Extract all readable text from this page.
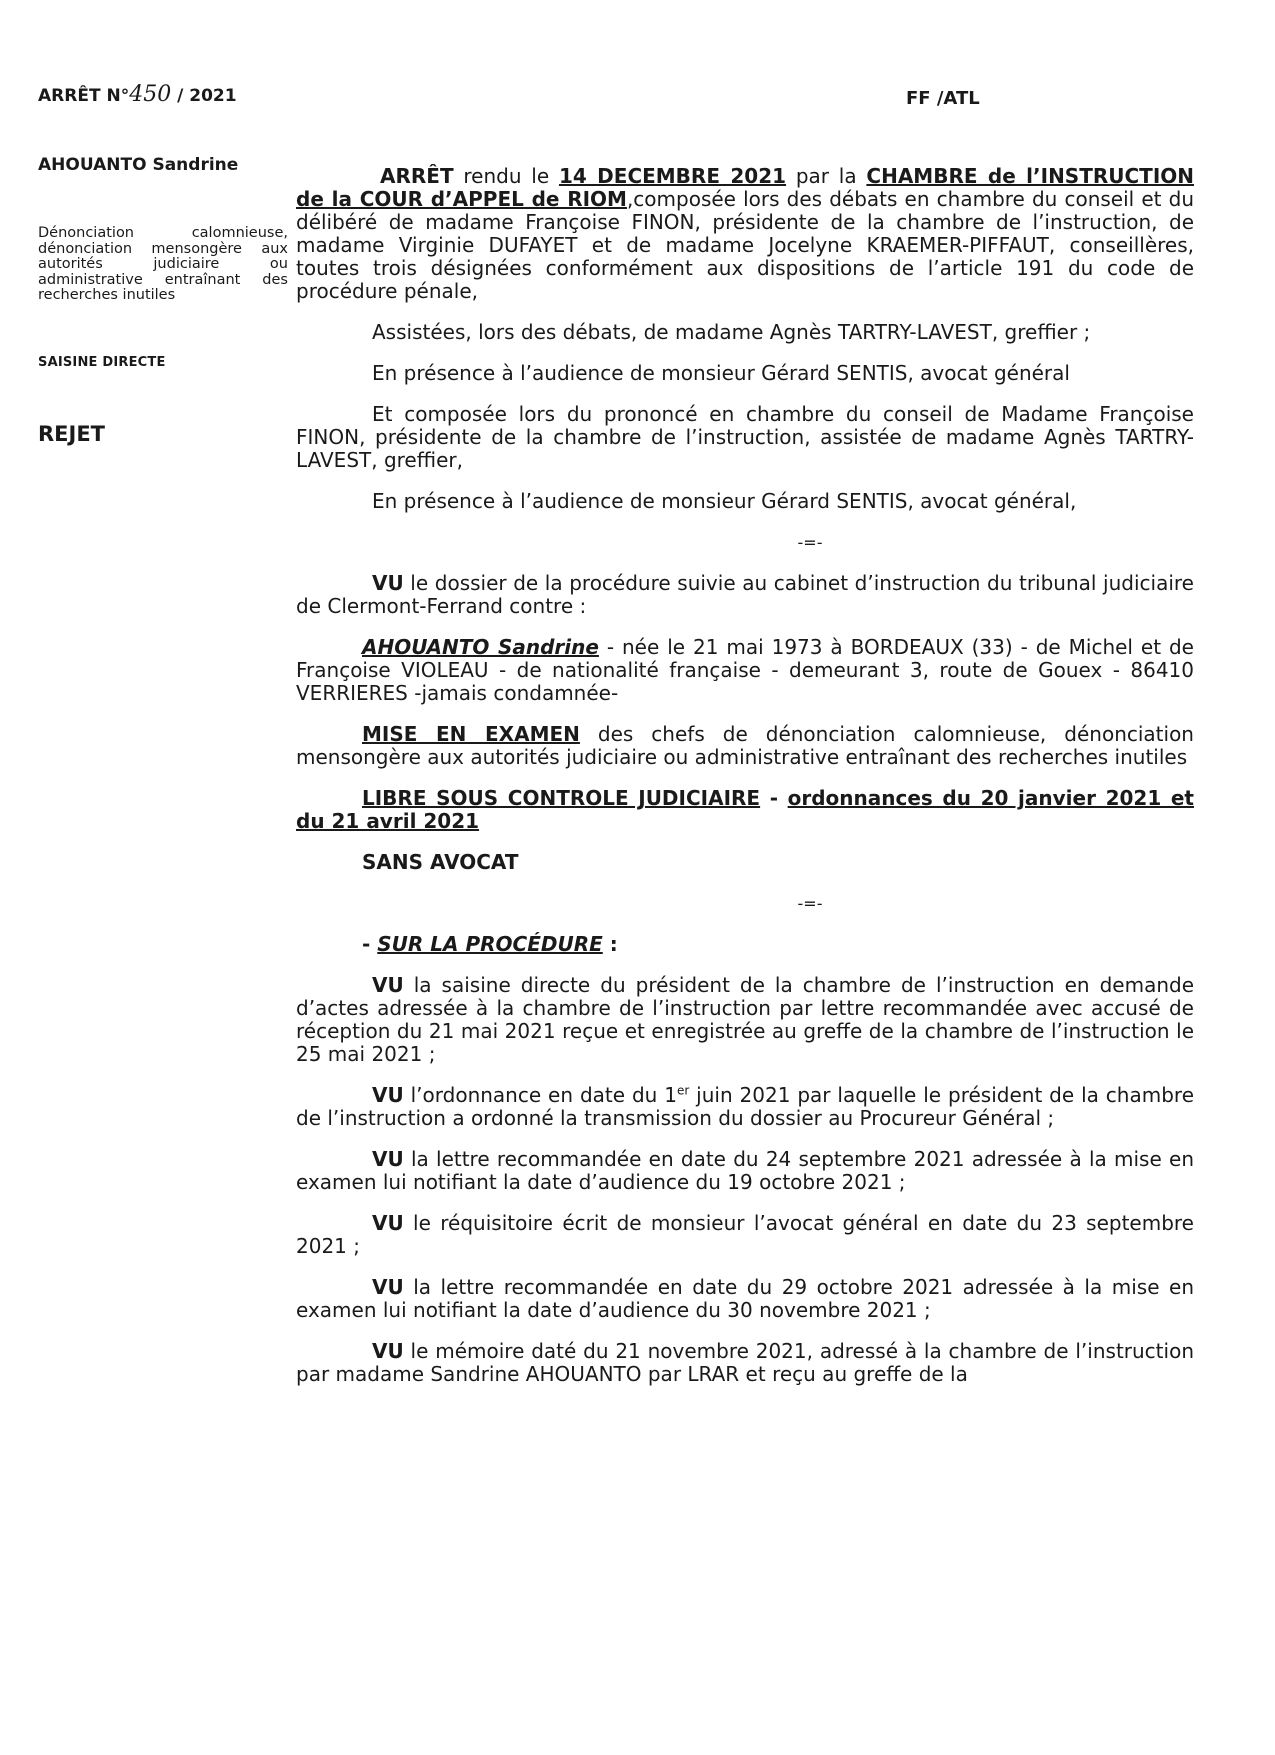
ARRÊT N°450 / 2021	FF /ATL
AHOUANTO Sandrine
Dénonciation calomnieuse, dénonciation mensongère aux autorités judiciaire ou administrative entraînant des recherches inutiles
SAISINE DIRECTE
REJET

ARRÊT rendu le 14 DECEMBRE 2021 par la CHAMBRE de l’INSTRUCTION de la COUR d’APPEL de RIOM,composée lors des débats en chambre du conseil et du délibéré de madame Françoise FINON, présidente de la chambre de l’instruction, de madame Virginie DUFAYET et de madame Jocelyne KRAEMER-PIFFAUT, conseillères, toutes trois désignées conformément aux dispositions de l’article 191 du code de procédure pénale,

Assistées, lors des débats, de madame Agnès TARTRY-LAVEST, greffier ;

En présence à l’audience de monsieur Gérard SENTIS, avocat général

Et composée lors du prononcé en chambre du conseil de Madame Françoise FINON, présidente de la chambre de l’instruction, assistée de madame Agnès TARTRY-LAVEST, greffier,

En présence à l’audience de monsieur Gérard SENTIS, avocat général,

-=-

VU le dossier de la procédure suivie au cabinet d’instruction du tribunal judiciaire de Clermont-Ferrand contre :

AHOUANTO Sandrine - née le 21 mai 1973 à BORDEAUX (33) - de Michel et de Françoise VIOLEAU - de nationalité française - demeurant 3, route de Gouex - 86410 VERRIERES -jamais condamnée-

MISE EN EXAMEN des chefs de dénonciation calomnieuse, dénonciation mensongère aux autorités judiciaire ou administrative entraînant des recherches inutiles

LIBRE SOUS CONTROLE JUDICIAIRE - ordonnances du 20 janvier 2021 et du 21 avril 2021

SANS AVOCAT

-=-

- SUR LA PROCÉDURE :

VU la saisine directe du président de la chambre de l’instruction en demande d’actes adressée à la chambre de l’instruction par lettre recommandée avec accusé de réception du 21 mai 2021 reçue et enregistrée au greffe de la chambre de l’instruction le 25 mai 2021 ;

VU l’ordonnance en date du 1er juin 2021 par laquelle le président de la chambre de l’instruction a ordonné la transmission du dossier au Procureur Général ;

VU la lettre recommandée en date du 24 septembre 2021 adressée à la mise en examen lui notifiant la date d’audience du 19 octobre 2021 ;

VU le réquisitoire écrit de monsieur l’avocat général en date du 23 septembre 2021 ;

VU la lettre recommandée en date du 29 octobre 2021 adressée à la mise en examen lui notifiant la date d’audience du 30 novembre 2021 ;

VU le mémoire daté du 21 novembre 2021, adressé à la chambre de l’instruction par madame Sandrine AHOUANTO par LRAR et reçu au greffe de la
